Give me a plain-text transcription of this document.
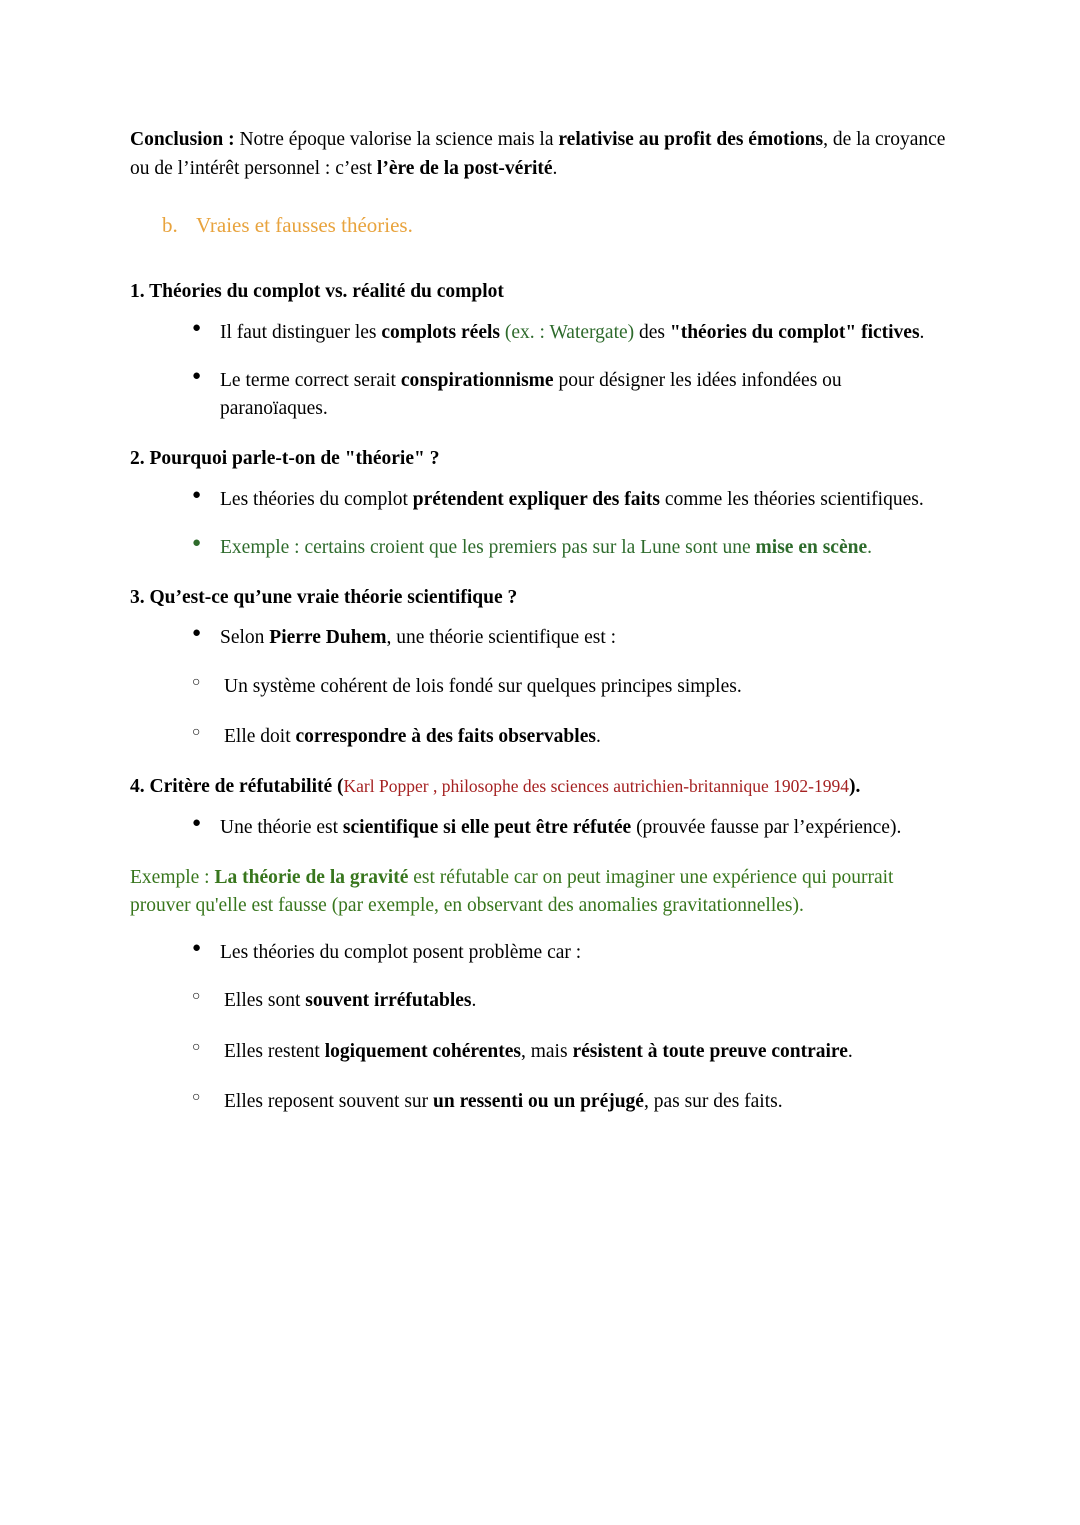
Conclusion : Notre époque valorise la science mais la relativise au profit des émotions, de la croyance ou de l’intérêt personnel : c’est l’ère de la post-vérité.

b. Vraies et fausses théories.
1. Théories du complot vs. réalité du complot
● Il faut distinguer les complots réels (ex. : Watergate) des "théories du complot" fictives.
● Le terme correct serait conspirationnisme pour désigner les idées infondées ou paranoïaques.
2. Pourquoi parle-t-on de "théorie" ?
● Les théories du complot prétendent expliquer des faits comme les théories scientifiques.
● Exemple : certains croient que les premiers pas sur la Lune sont une mise en scène.
3. Qu’est-ce qu’une vraie théorie scientifique ?
● Selon Pierre Duhem, une théorie scientifique est :
○ Un système cohérent de lois fondé sur quelques principes simples.
○ Elle doit correspondre à des faits observables.
4. Critère de réfutabilité (Karl Popper , philosophe des sciences autrichien-britannique 1902-1994).
● Une théorie est scientifique si elle peut être réfutée (prouvée fausse par l’expérience).

Exemple : La théorie de la gravité est réfutable car on peut imaginer une expérience qui pourrait prouver qu'elle est fausse (par exemple, en observant des anomalies gravitationnelles).

● Les théories du complot posent problème car :
○ Elles sont souvent irréfutables.
○ Elles restent logiquement cohérentes, mais résistent à toute preuve contraire.
○ Elles reposent souvent sur un ressenti ou un préjugé, pas sur des faits.
